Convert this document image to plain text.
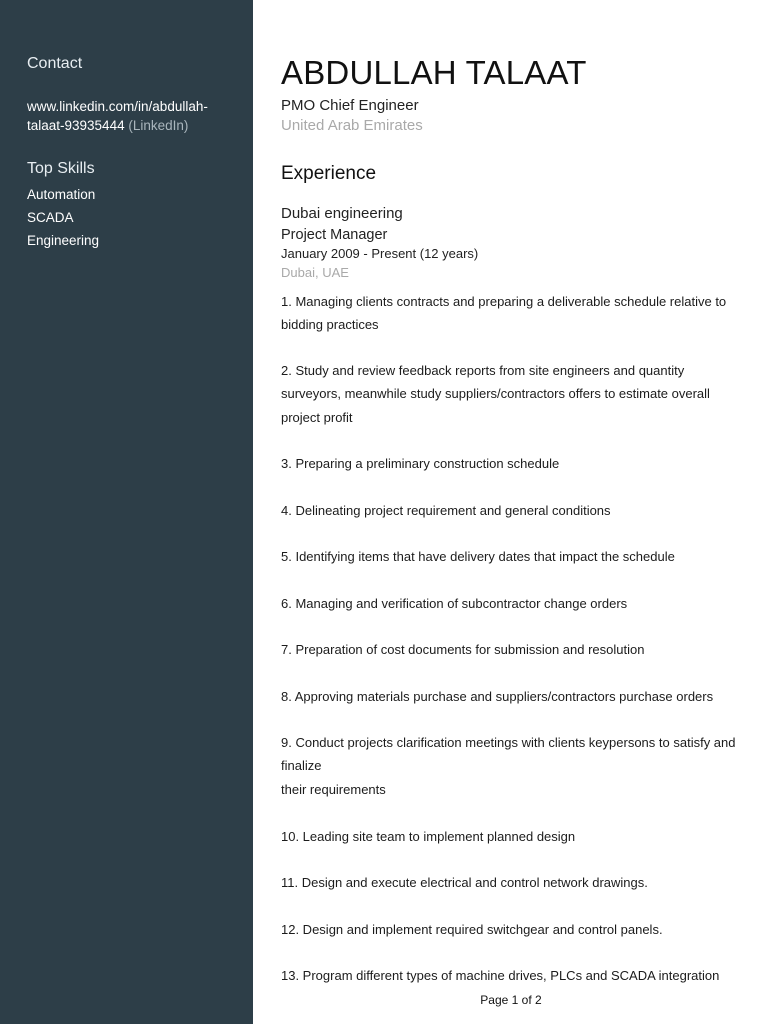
Contact
www.linkedin.com/in/abdullah-
talaat-93935444 (LinkedIn)
Top Skills
Automation
SCADA
Engineering
ABDULLAH TALAAT
PMO Chief Engineer
United Arab Emirates
Experience
Dubai engineering
Project Manager
January 2009 - Present (12 years)
Dubai, UAE
1. Managing clients contracts and preparing a deliverable schedule relative to
bidding practices
2. Study and review feedback reports from site engineers and quantity
surveyors, meanwhile study suppliers/contractors offers to estimate overall
project profit
3. Preparing a preliminary construction schedule
4. Delineating project requirement and general conditions
5. Identifying items that have delivery dates that impact the schedule
6. Managing and verification of subcontractor change orders
7. Preparation of cost documents for submission and resolution
8. Approving materials purchase and suppliers/contractors purchase orders
9. Conduct projects clarification meetings with clients keypersons to satisfy and
finalize
their requirements
10. Leading site team to implement planned design
11. Design and execute electrical and control network drawings.
12. Design and implement required switchgear and control panels.
13. Program different types of machine drives, PLCs and SCADA integration
Page 1 of 2
